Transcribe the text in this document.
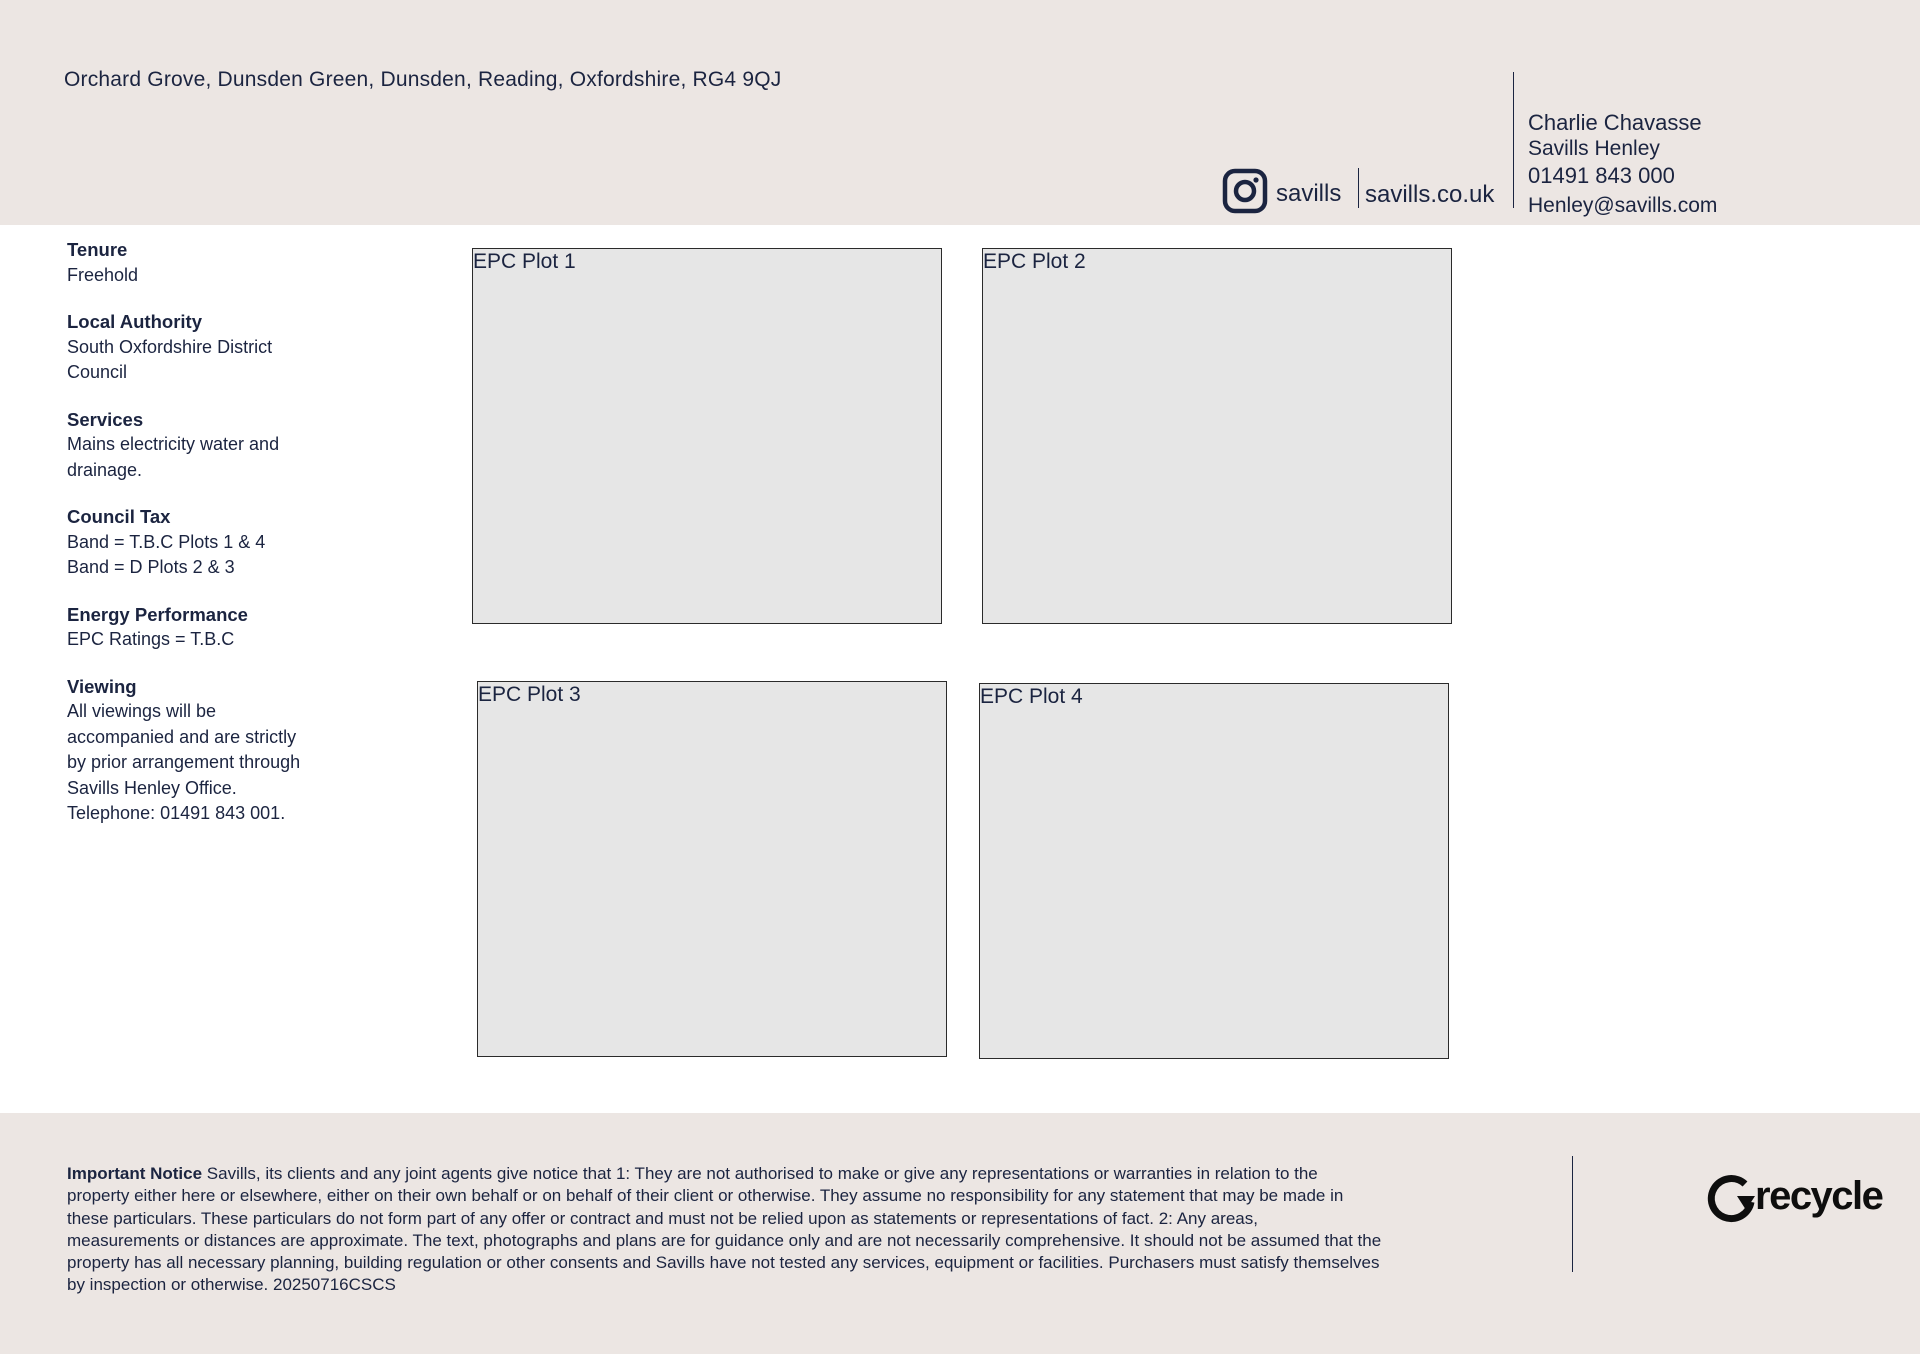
Orchard Grove, Dunsden Green, Dunsden, Reading, Oxfordshire, RG4 9QJ
savills savills.co.uk
Charlie Chavasse
Savills Henley
01491 843 000
Henley@savills.com
Tenure
Freehold
Local Authority
South Oxfordshire District
Council
Services
Mains electricity water and
drainage.
Council Tax
Band = T.B.C Plots 1 & 4
Band = D Plots 2 & 3
Energy Performance
EPC Ratings = T.B.C
Viewing
All viewings will be
accompanied and are strictly
by prior arrangement through
Savills Henley Office.
Telephone: 01491 843 001.
EPC Plot 1	EPC Plot 2
EPC Plot 3	EPC Plot 4
Important Notice Savills, its clients and any joint agents give notice that 1: They are not authorised to make or give any representations or warranties in relation to the
property either here or elsewhere, either on their own behalf or on behalf of their client or otherwise. They assume no responsibility for any statement that may be made in
these particulars. These particulars do not form part of any offer or contract and must not be relied upon as statements or representations of fact. 2: Any areas,
measurements or distances are approximate. The text, photographs and plans are for guidance only and are not necessarily comprehensive. It should not be assumed that the
property has all necessary planning, building regulation or other consents and Savills have not tested any services, equipment or facilities. Purchasers must satisfy themselves
by inspection or otherwise. 20250716CSCS
recycle
